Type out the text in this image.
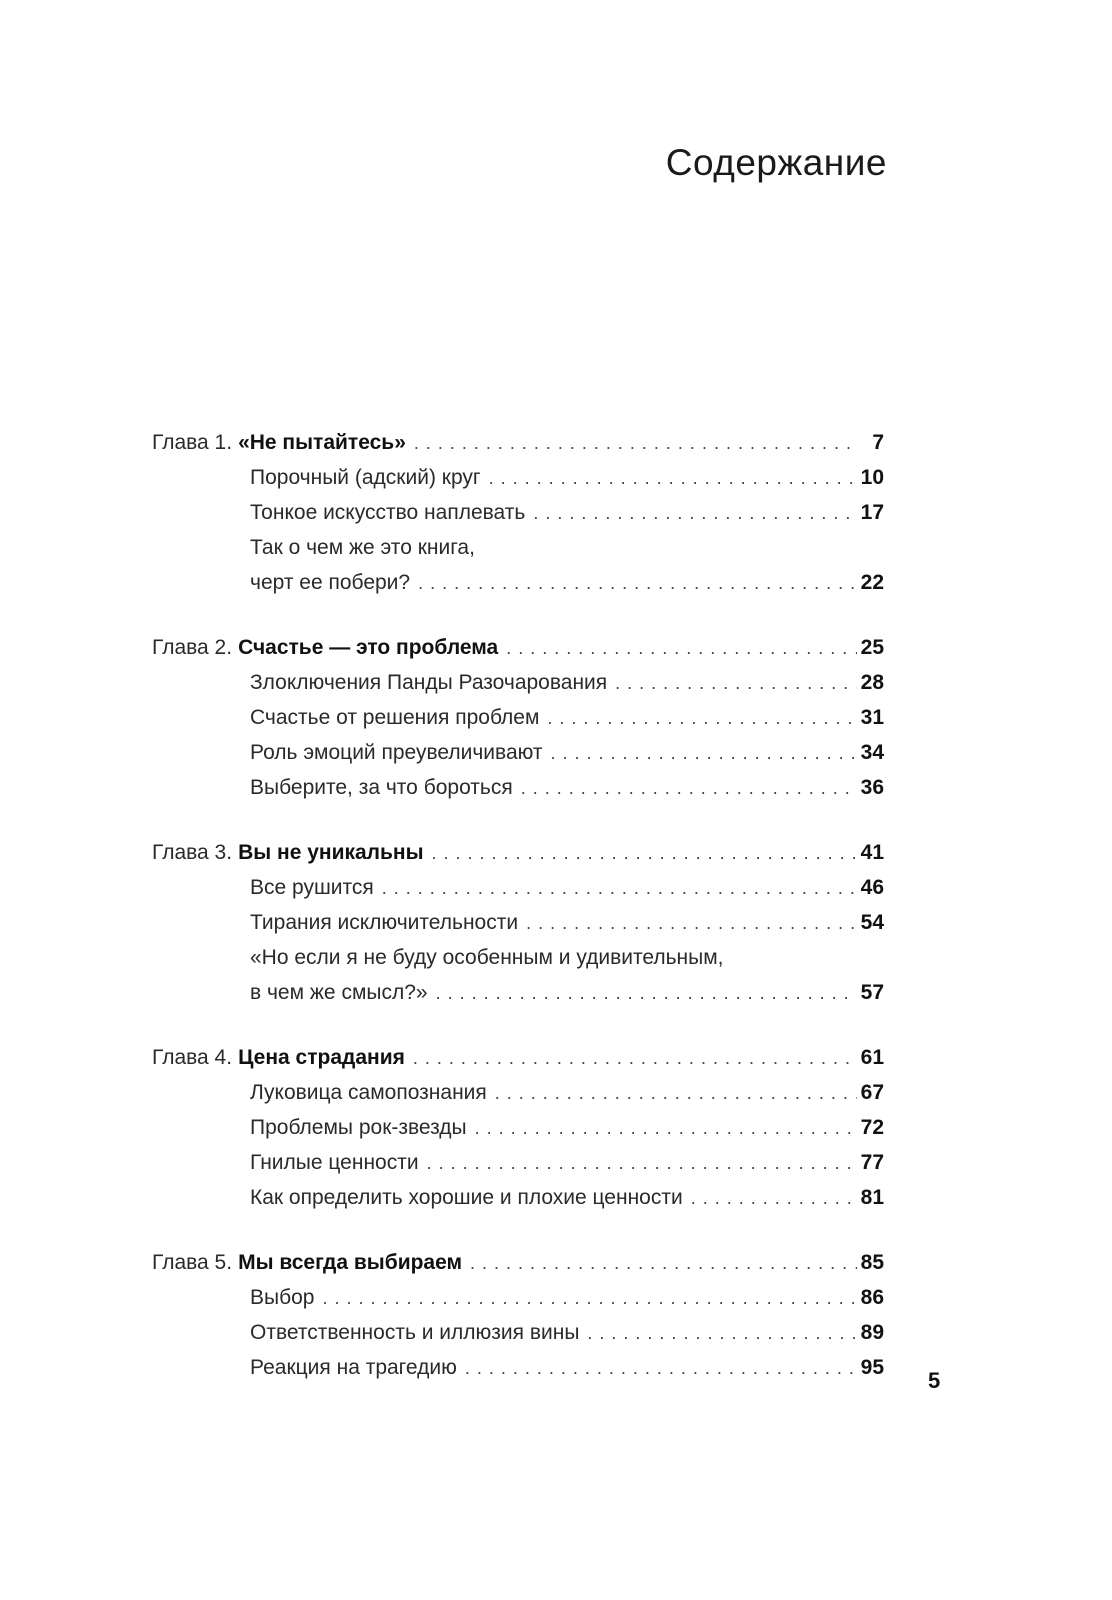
Содержание
Глава 1. «Не пытайтесь» . . .	7
Порочный (адский) круг . . .	10
Тонкое искусство наплевать . . .	17
Так о чем же это книга,
черт ее побери? . . .	22
Глава 2. Счастье — это проблема . . .	25
Злоключения Панды Разочарования . . .	28
Счастье от решения проблем . . .	31
Роль эмоций преувеличивают . . .	34
Выберите, за что бороться . . .	36
Глава 3. Вы не уникальны . . .	41
Все рушится . . .	46
Тирания исключительности . . .	54
«Но если я не буду особенным и удивительным,
в чем же смысл?» . . .	57
Глава 4. Цена страдания . . .	61
Луковица самопознания . . .	67
Проблемы рок-звезды . . .	72
Гнилые ценности . . .	77
Как определить хорошие и плохие ценности . . .	81
Глава 5. Мы всегда выбираем . . .	85
Выбор . . .	86
Ответственность и иллюзия вины . . .	89
Реакция на трагедию . . .	95
5
